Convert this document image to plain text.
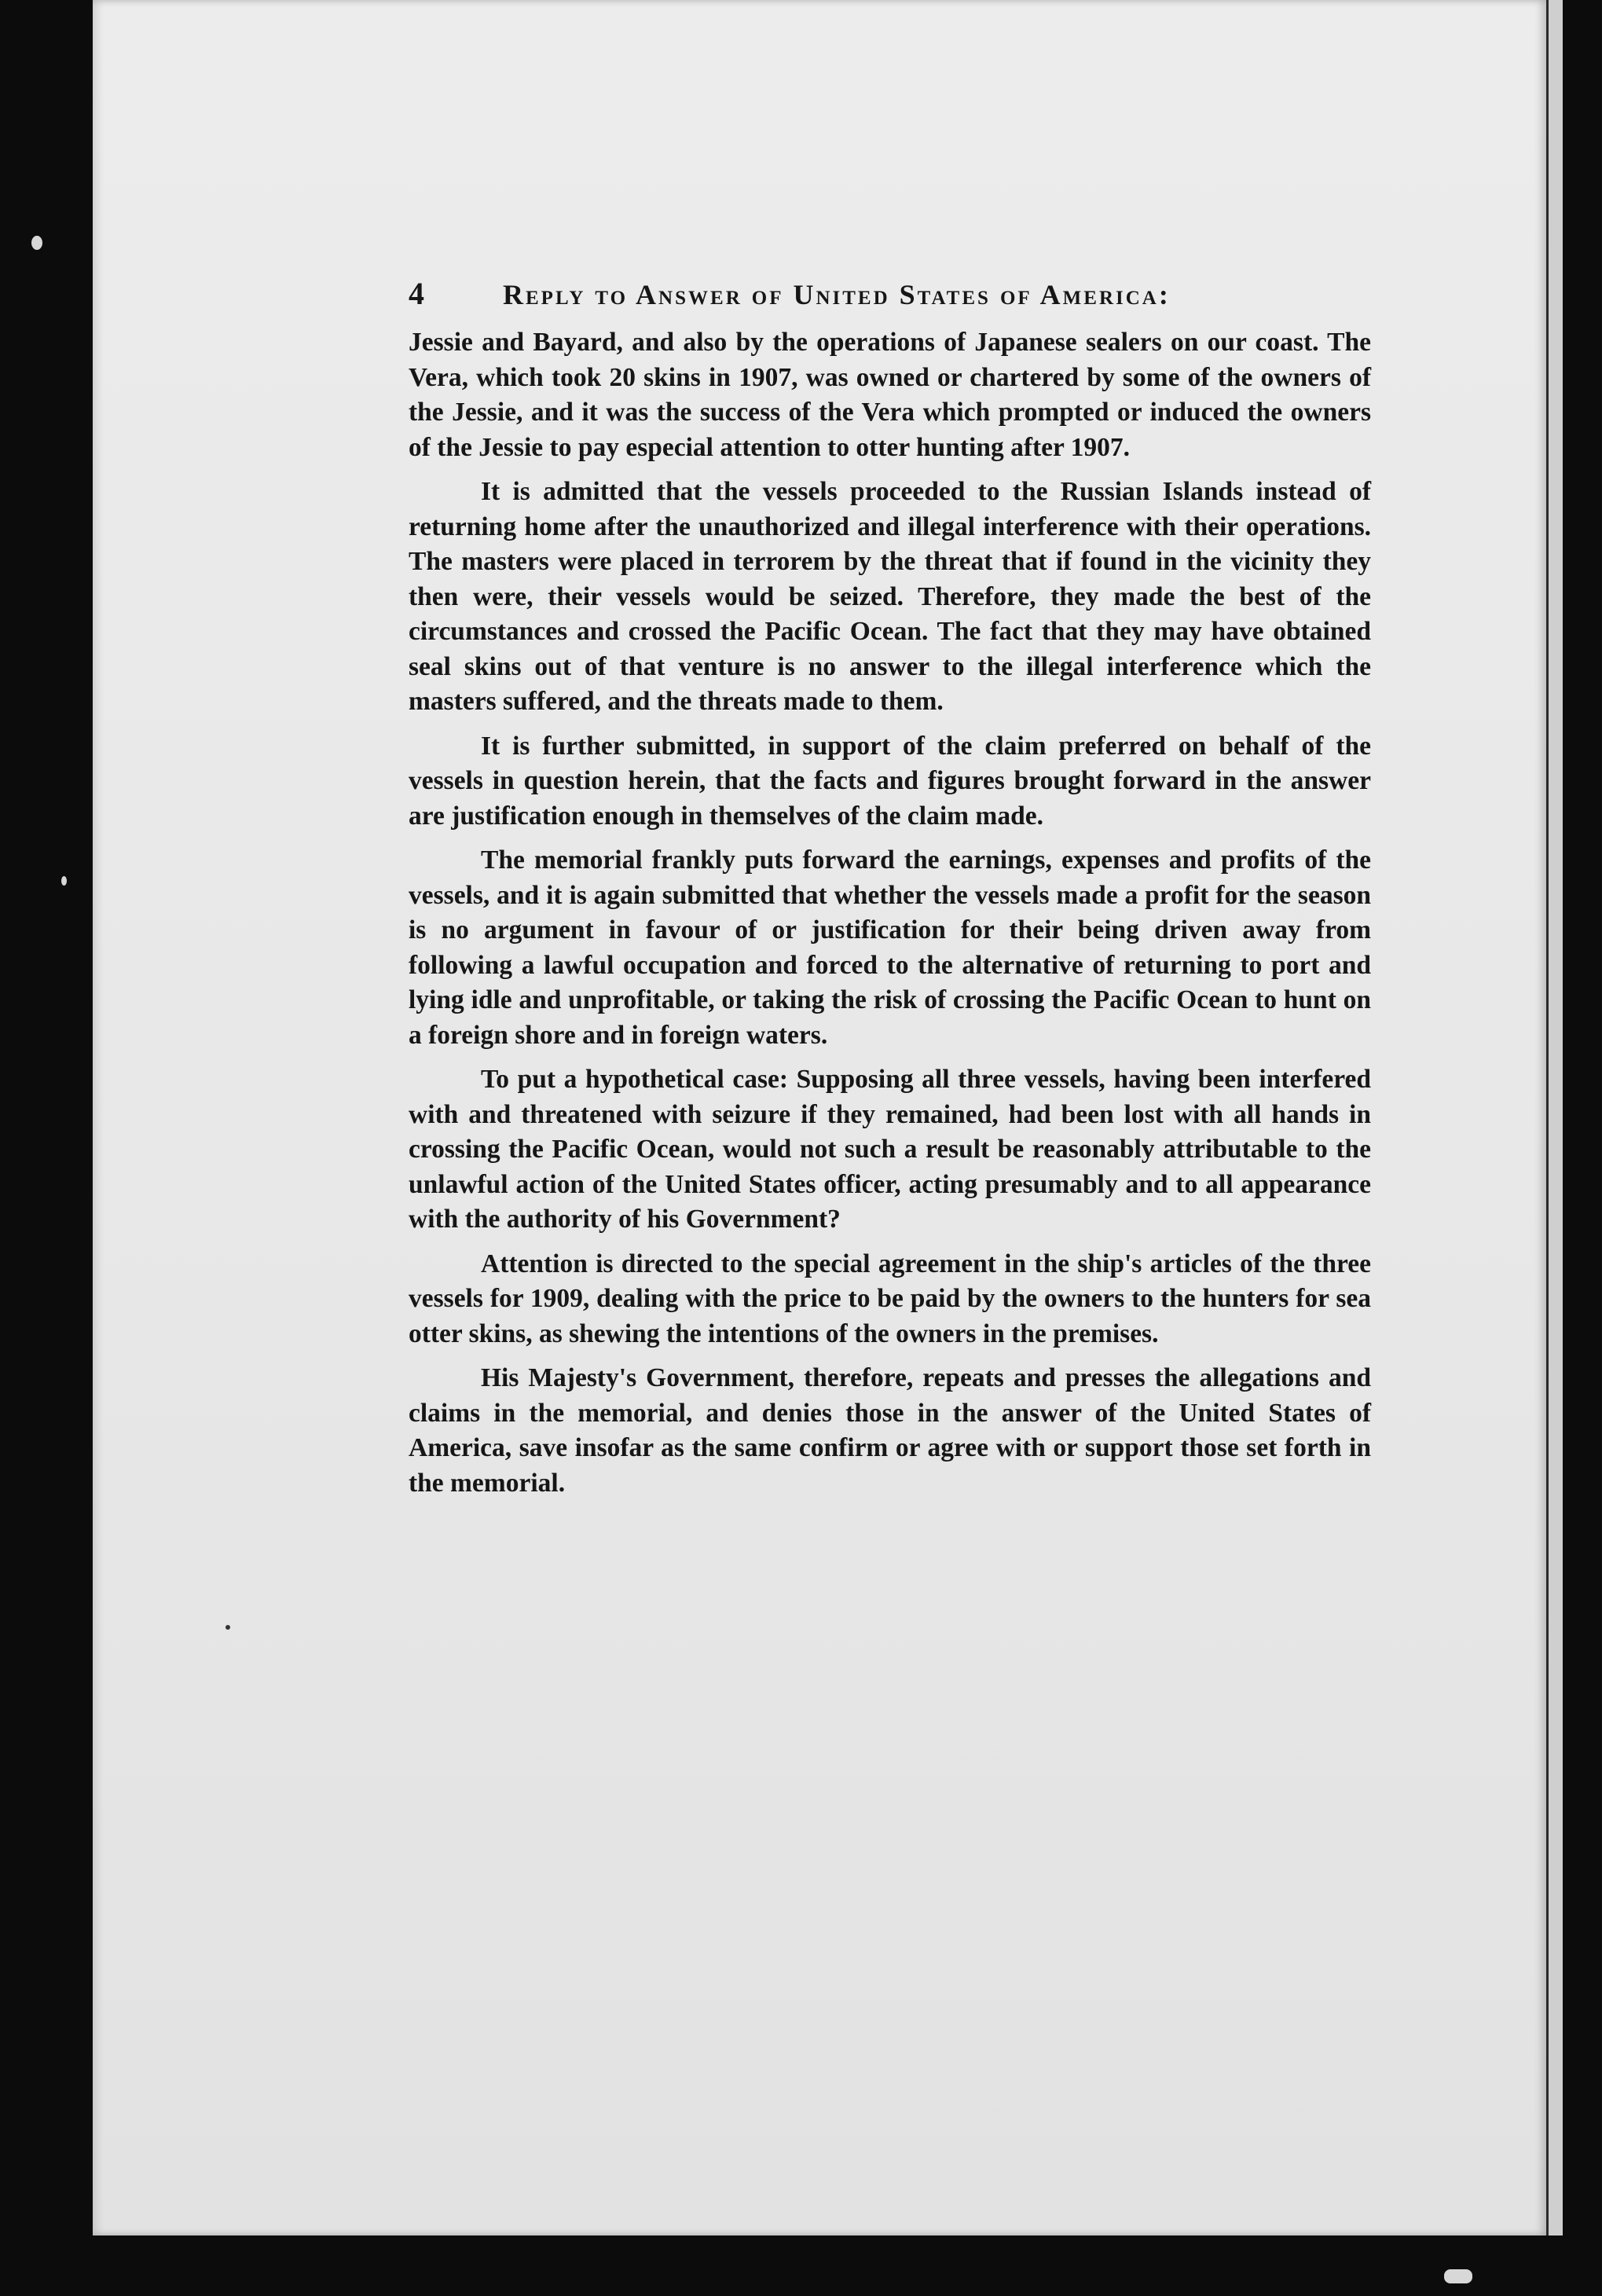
4	Reply to Answer of United States of America:

Jessie and Bayard, and also by the operations of Japanese sealers on our coast. The Vera, which took 20 skins in 1907, was owned or chartered by some of the owners of the Jessie, and it was the success of the Vera which prompted or induced the owners of the Jessie to pay especial attention to otter hunting after 1907.

It is admitted that the vessels proceeded to the Russian Islands instead of returning home after the unauthorized and illegal interference with their operations. The masters were placed in terrorem by the threat that if found in the vicinity they then were, their vessels would be seized. Therefore, they made the best of the circumstances and crossed the Pacific Ocean. The fact that they may have obtained seal skins out of that venture is no answer to the illegal interference which the masters suffered, and the threats made to them.

It is further submitted, in support of the claim preferred on behalf of the vessels in question herein, that the facts and figures brought forward in the answer are justification enough in themselves of the claim made.

The memorial frankly puts forward the earnings, expenses and profits of the vessels, and it is again submitted that whether the vessels made a profit for the season is no argument in favour of or justification for their being driven away from following a lawful occupation and forced to the alternative of returning to port and lying idle and unprofitable, or taking the risk of crossing the Pacific Ocean to hunt on a foreign shore and in foreign waters.

To put a hypothetical case: Supposing all three vessels, having been interfered with and threatened with seizure if they remained, had been lost with all hands in crossing the Pacific Ocean, would not such a result be reasonably attributable to the unlawful action of the United States officer, acting presumably and to all appearance with the authority of his Government?

Attention is directed to the special agreement in the ship's articles of the three vessels for 1909, dealing with the price to be paid by the owners to the hunters for sea otter skins, as shewing the intentions of the owners in the premises.

His Majesty's Government, therefore, repeats and presses the allegations and claims in the memorial, and denies those in the answer of the United States of America, save insofar as the same confirm or agree with or support those set forth in the memorial.
